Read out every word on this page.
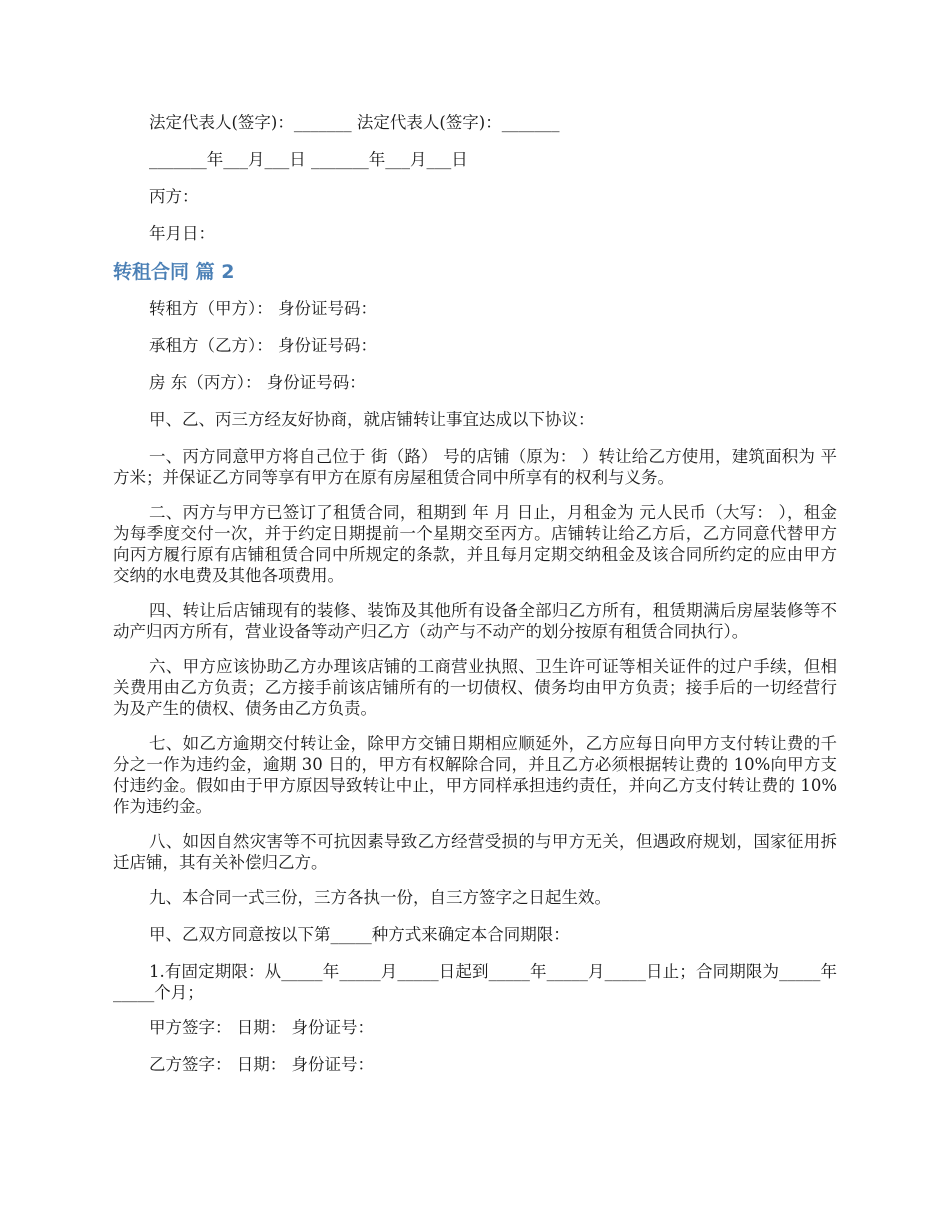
法定代表人(签字)：_______ 法定代表人(签字)：_______

_______年___月___日 _______年___月___日

丙方：

年月日：

转租合同 篇 2

转租方（甲方）： 身份证号码：

承租方（乙方）： 身份证号码：

房 东（丙方）： 身份证号码：

甲、乙、丙三方经友好协商，就店铺转让事宜达成以下协议：

一、丙方同意甲方将自己位于 街（路） 号的店铺（原为： ）转让给乙方使用，建筑面积为 平方米；并保证乙方同等享有甲方在原有房屋租赁合同中所享有的权利与义务。

二、丙方与甲方已签订了租赁合同，租期到 年 月 日止，月租金为 元人民币（大写： ），租金为每季度交付一次，并于约定日期提前一个星期交至丙方。店铺转让给乙方后，乙方同意代替甲方向丙方履行原有店铺租赁合同中所规定的条款，并且每月定期交纳租金及该合同所约定的应由甲方交纳的水电费及其他各项费用。

四、转让后店铺现有的装修、装饰及其他所有设备全部归乙方所有，租赁期满后房屋装修等不动产归丙方所有，营业设备等动产归乙方（动产与不动产的划分按原有租赁合同执行）。

六、甲方应该协助乙方办理该店铺的工商营业执照、卫生许可证等相关证件的过户手续，但相关费用由乙方负责；乙方接手前该店铺所有的一切债权、债务均由甲方负责；接手后的一切经营行为及产生的债权、债务由乙方负责。

七、如乙方逾期交付转让金，除甲方交铺日期相应顺延外，乙方应每日向甲方支付转让费的千分之一作为违约金，逾期 30 日的，甲方有权解除合同，并且乙方必须根据转让费的 10%向甲方支付违约金。假如由于甲方原因导致转让中止，甲方同样承担违约责任，并向乙方支付转让费的 10%作为违约金。

八、如因自然灾害等不可抗因素导致乙方经营受损的与甲方无关，但遇政府规划，国家征用拆迁店铺，其有关补偿归乙方。

九、本合同一式三份，三方各执一份，自三方签字之日起生效。

甲、乙双方同意按以下第_____种方式来确定本合同期限：

1.有固定期限：从_____年_____月_____日起到_____年_____月_____日止；合同期限为_____年_____个月；

甲方签字： 日期： 身份证号：

乙方签字： 日期： 身份证号：
